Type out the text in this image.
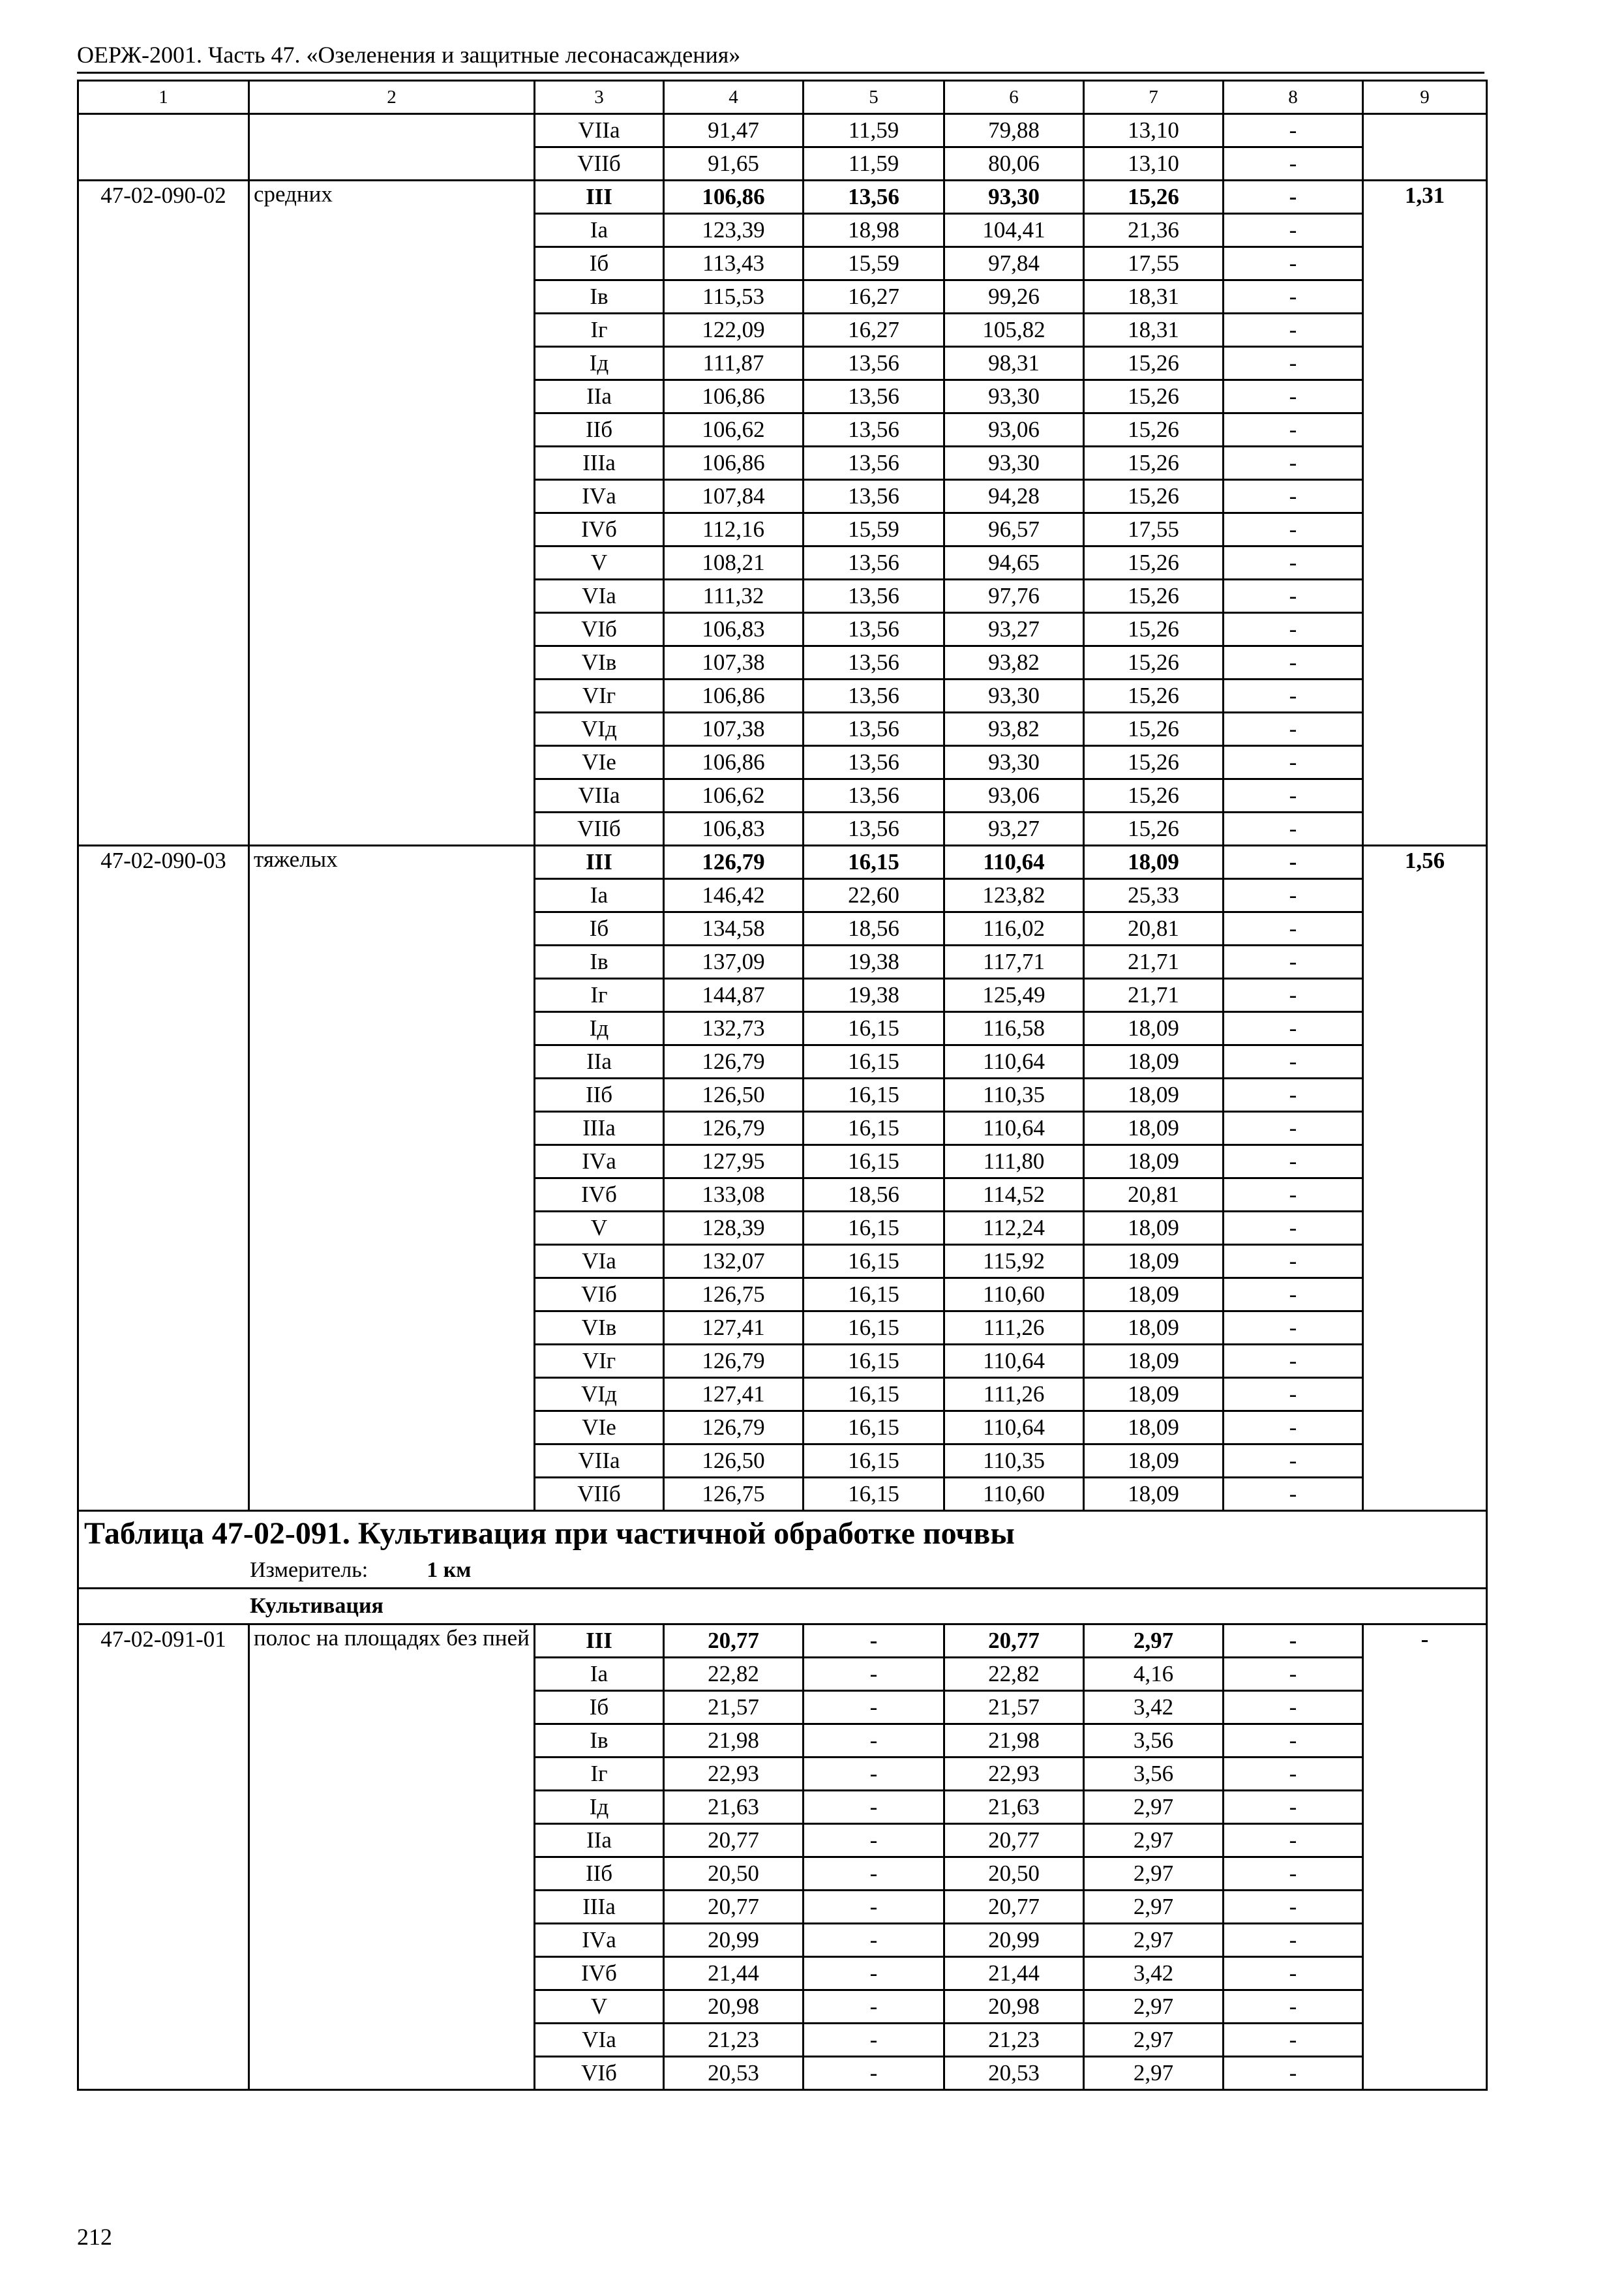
ОЕРЖ-2001. Часть 47. «Озеленения и защитные лесонасаждения»
1	2	3	4	5	6	7	8	9
		VIIа	91,47	11,59	79,88	13,10	-	
		VIIб	91,65	11,59	80,06	13,10	-	
47-02-090-02	средних	III	106,86	13,56	93,30	15,26	-	1,31
		Iа	123,39	18,98	104,41	21,36	-	
		Iб	113,43	15,59	97,84	17,55	-	
		Iв	115,53	16,27	99,26	18,31	-	
		Iг	122,09	16,27	105,82	18,31	-	
		Iд	111,87	13,56	98,31	15,26	-	
		IIа	106,86	13,56	93,30	15,26	-	
		IIб	106,62	13,56	93,06	15,26	-	
		IIIа	106,86	13,56	93,30	15,26	-	
		IVа	107,84	13,56	94,28	15,26	-	
		IVб	112,16	15,59	96,57	17,55	-	
		V	108,21	13,56	94,65	15,26	-	
		VIа	111,32	13,56	97,76	15,26	-	
		VIб	106,83	13,56	93,27	15,26	-	
		VIв	107,38	13,56	93,82	15,26	-	
		VIг	106,86	13,56	93,30	15,26	-	
		VIд	107,38	13,56	93,82	15,26	-	
		VIе	106,86	13,56	93,30	15,26	-	
		VIIа	106,62	13,56	93,06	15,26	-	
		VIIб	106,83	13,56	93,27	15,26	-	
47-02-090-03	тяжелых	III	126,79	16,15	110,64	18,09	-	1,56
		Iа	146,42	22,60	123,82	25,33	-	
		Iб	134,58	18,56	116,02	20,81	-	
		Iв	137,09	19,38	117,71	21,71	-	
		Iг	144,87	19,38	125,49	21,71	-	
		Iд	132,73	16,15	116,58	18,09	-	
		IIа	126,79	16,15	110,64	18,09	-	
		IIб	126,50	16,15	110,35	18,09	-	
		IIIа	126,79	16,15	110,64	18,09	-	
		IVа	127,95	16,15	111,80	18,09	-	
		IVб	133,08	18,56	114,52	20,81	-	
		V	128,39	16,15	112,24	18,09	-	
		VIа	132,07	16,15	115,92	18,09	-	
		VIб	126,75	16,15	110,60	18,09	-	
		VIв	127,41	16,15	111,26	18,09	-	
		VIг	126,79	16,15	110,64	18,09	-	
		VIд	127,41	16,15	111,26	18,09	-	
		VIе	126,79	16,15	110,64	18,09	-	
		VIIа	126,50	16,15	110,35	18,09	-	
		VIIб	126,75	16,15	110,60	18,09	-	
Таблица 47-02-091. Культивация при частичной обработке почвы								
Измеритель: 1 км								
Культивация								
47-02-091-01	полос на площадях без пней	III	20,77	-	20,77	2,97	-	-
		Iа	22,82	-	22,82	4,16	-	
		Iб	21,57	-	21,57	3,42	-	
		Iв	21,98	-	21,98	3,56	-	
		Iг	22,93	-	22,93	3,56	-	
		Iд	21,63	-	21,63	2,97	-	
		IIа	20,77	-	20,77	2,97	-	
		IIб	20,50	-	20,50	2,97	-	
		IIIа	20,77	-	20,77	2,97	-	
		IVа	20,99	-	20,99	2,97	-	
		IVб	21,44	-	21,44	3,42	-	
		V	20,98	-	20,98	2,97	-	
		VIа	21,23	-	21,23	2,97	-	
		VIб	20,53	-	20,53	2,97	-	
212
